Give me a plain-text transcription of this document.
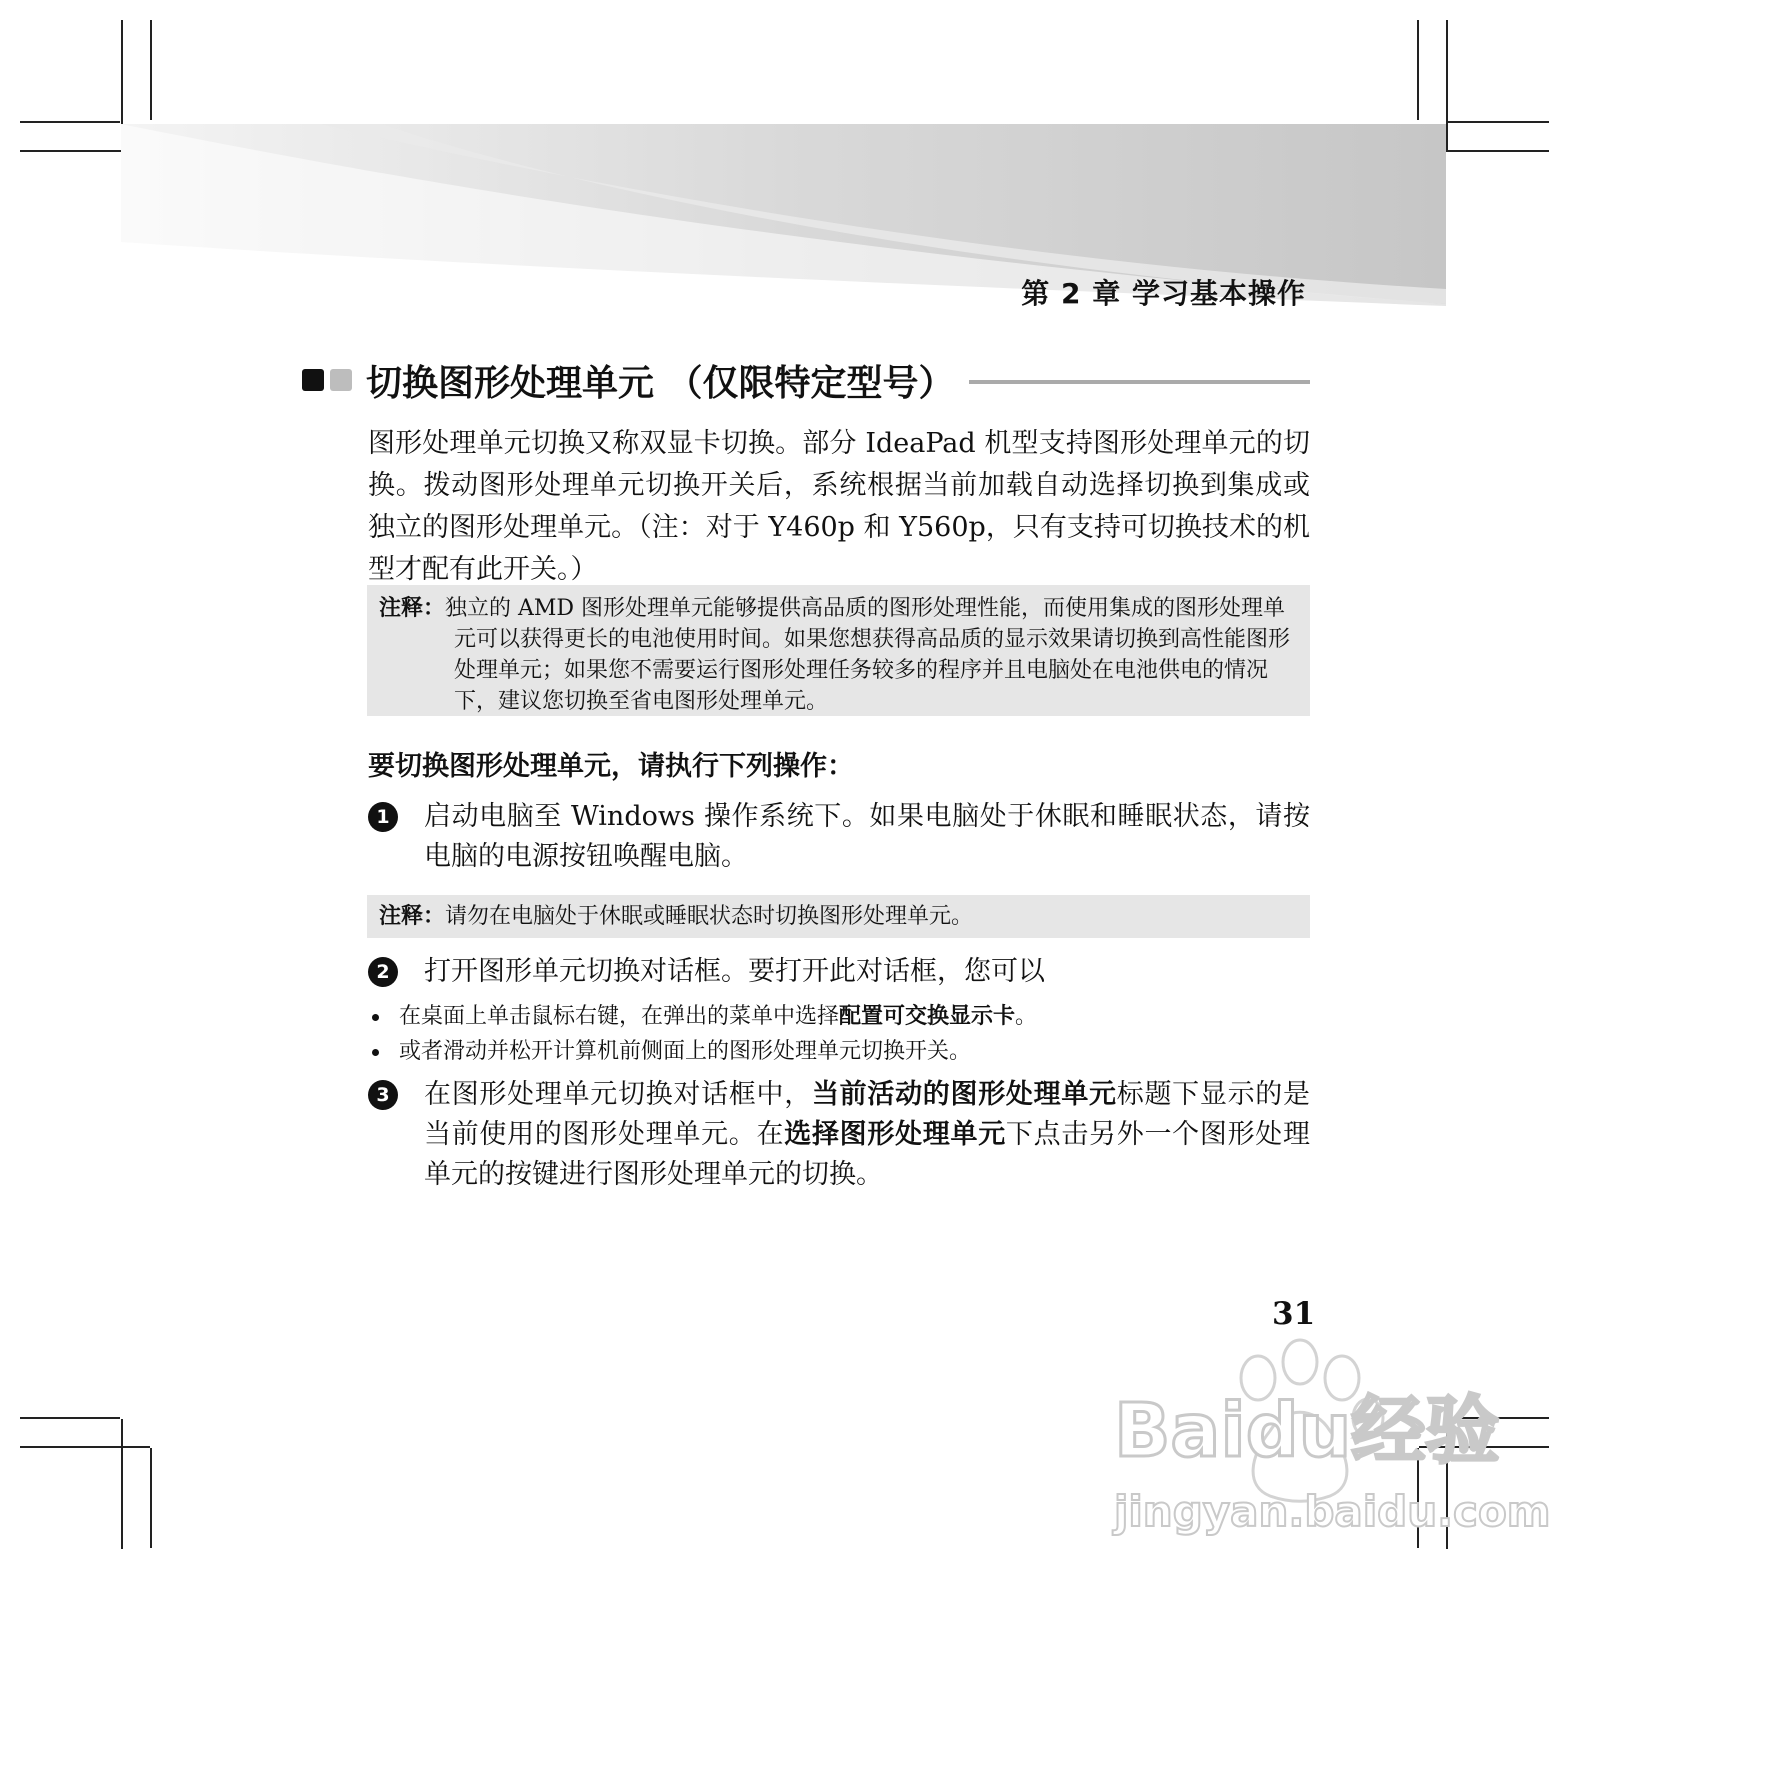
第 2 章 学习基本操作
切换图形处理单元 （仅限特定型号）
图形处理单元切换又称双显卡切换。部分 IdeaPad 机型支持图形处理单元的切换。拨动图形处理单元切换开关后，系统根据当前加载自动选择切换到集成或独立的图形处理单元。（注：对于 Y460p 和 Y560p，只有支持可切换技术的机型才配有此开关。）
注释：独立的 AMD 图形处理单元能够提供高品质的图形处理性能，而使用集成的图形处理单元可以获得更长的电池使用时间。如果您想获得高品质的显示效果请切换到高性能图形处理单元；如果您不需要运行图形处理任务较多的程序并且电脑处在电池供电的情况下，建议您切换至省电图形处理单元。
要切换图形处理单元，请执行下列操作：
1	启动电脑至 Windows 操作系统下。如果电脑处于休眠和睡眠状态，请按电脑的电源按钮唤醒电脑。
注释：请勿在电脑处于休眠或睡眠状态时切换图形处理单元。
2	打开图形单元切换对话框。要打开此对话框，您可以
在桌面上单击鼠标右键，在弹出的菜单中选择配置可交换显示卡。
或者滑动并松开计算机前侧面上的图形处理单元切换开关。
3	在图形处理单元切换对话框中，当前活动的图形处理单元标题下显示的是当前使用的图形处理单元。在选择图形处理单元下点击另外一个图形处理单元的按键进行图形处理单元的切换。
31
Baidu经验
jingyan.baidu.com
